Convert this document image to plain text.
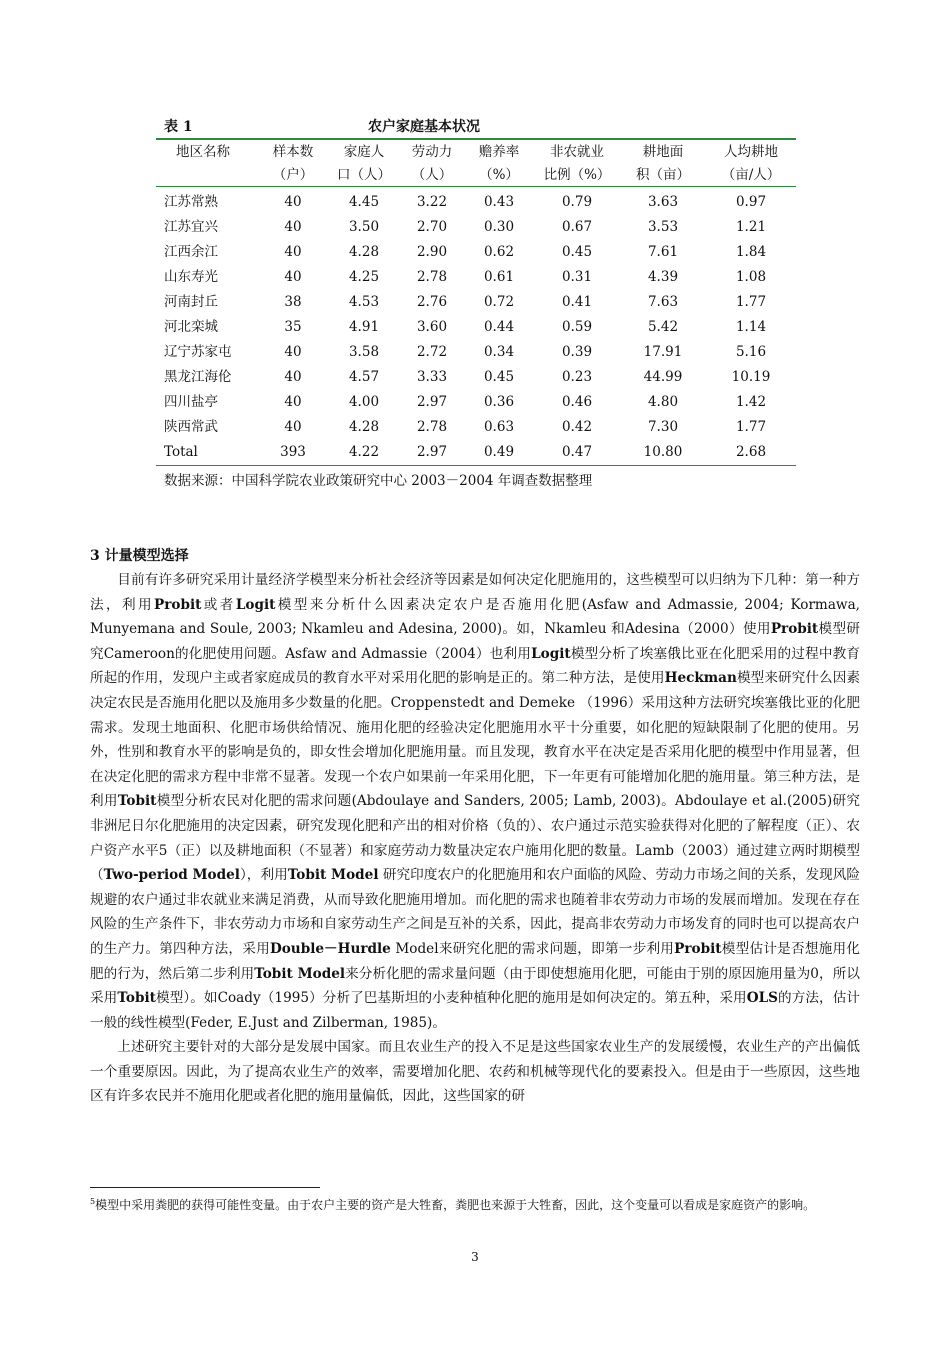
表 1	农户家庭基本状况
地区名称	样本数	家庭人	劳动力	赡养率	非农就业	耕地面	人均耕地
	（户）	口（人）	（人）	（%）	比例（%）	积（亩）	（亩/人）

江苏常熟	40	4.45	3.22	0.43	0.79	3.63	0.97
江苏宜兴	40	3.50	2.70	0.30	0.67	3.53	1.21
江西余江	40	4.28	2.90	0.62	0.45	7.61	1.84
山东寿光	40	4.25	2.78	0.61	0.31	4.39	1.08
河南封丘	38	4.53	2.76	0.72	0.41	7.63	1.77
河北栾城	35	4.91	3.60	0.44	0.59	5.42	1.14
辽宁苏家屯	40	3.58	2.72	0.34	0.39	17.91	5.16
黑龙江海伦	40	4.57	3.33	0.45	0.23	44.99	10.19
四川盐亭	40	4.00	2.97	0.36	0.46	4.80	1.42
陕西常武	40	4.28	2.78	0.63	0.42	7.30	1.77
Total	393	4.22	2.97	0.49	0.47	10.80	2.68
数据来源：中国科学院农业政策研究中心 2003－2004 年调查数据整理
3 计量模型选择

目前有许多研究采用计量经济学模型来分析社会经济等因素是如何决定化肥施用的，这些模型可以归纳为下几种：第一种方法，利用Probit或者Logit模型来分析什么因素决定农户是否施用化肥(Asfaw and Admassie, 2004; Kormawa, Munyemana and Soule, 2003; Nkamleu and Adesina, 2000)。如，Nkamleu 和Adesina（2000）使用Probit模型研究Cameroon的化肥使用问题。Asfaw and Admassie（2004）也利用Logit模型分析了埃塞俄比亚在化肥采用的过程中教育所起的作用，发现户主或者家庭成员的教育水平对采用化肥的影响是正的。第二种方法，是使用Heckman模型来研究什么因素决定农民是否施用化肥以及施用多少数量的化肥。Croppenstedt and Demeke （1996）采用这种方法研究埃塞俄比亚的化肥需求。发现土地面积、化肥市场供给情况、施用化肥的经验决定化肥施用水平十分重要，如化肥的短缺限制了化肥的使用。另外，性别和教育水平的影响是负的，即女性会增加化肥施用量。而且发现，教育水平在决定是否采用化肥的模型中作用显著，但在决定化肥的需求方程中非常不显著。发现一个农户如果前一年采用化肥，下一年更有可能增加化肥的施用量。第三种方法，是利用Tobit模型分析农民对化肥的需求问题(Abdoulaye and Sanders, 2005; Lamb, 2003)。Abdoulaye et al.(2005)研究非洲尼日尔化肥施用的决定因素，研究发现化肥和产出的相对价格（负的）、农户通过示范实验获得对化肥的了解程度（正）、农户资产水平5（正）以及耕地面积（不显著）和家庭劳动力数量决定农户施用化肥的数量。Lamb（2003）通过建立两时期模型（Two-period Model），利用Tobit Model 研究印度农户的化肥施用和农户面临的风险、劳动力市场之间的关系，发现风险规避的农户通过非农就业来满足消费，从而导致化肥施用增加。而化肥的需求也随着非农劳动力市场的发展而增加。发现在存在风险的生产条件下，非农劳动力市场和自家劳动生产之间是互补的关系，因此，提高非农劳动力市场发育的同时也可以提高农户的生产力。第四种方法，采用Double－Hurdle Model来研究化肥的需求问题，即第一步利用Probit模型估计是否想施用化肥的行为，然后第二步利用Tobit Model来分析化肥的需求量问题（由于即使想施用化肥，可能由于别的原因施用量为0，所以采用Tobit模型）。如Coady（1995）分析了巴基斯坦的小麦种植种化肥的施用是如何决定的。第五种，采用OLS的方法，估计一般的线性模型(Feder, E.Just and Zilberman, 1985)。

上述研究主要针对的大部分是发展中国家。而且农业生产的投入不足是这些国家农业生产的发展缓慢，农业生产的产出偏低一个重要原因。因此，为了提高农业生产的效率，需要增加化肥、农药和机械等现代化的要素投入。但是由于一些原因，这些地区有许多农民并不施用化肥或者化肥的施用量偏低，因此，这些国家的研

$^5$模型中采用粪肥的获得可能性变量。由于农户主要的资产是大牲畜，粪肥也来源于大牲畜，因此，这个变量可以看成是家庭资产的影响。
3
